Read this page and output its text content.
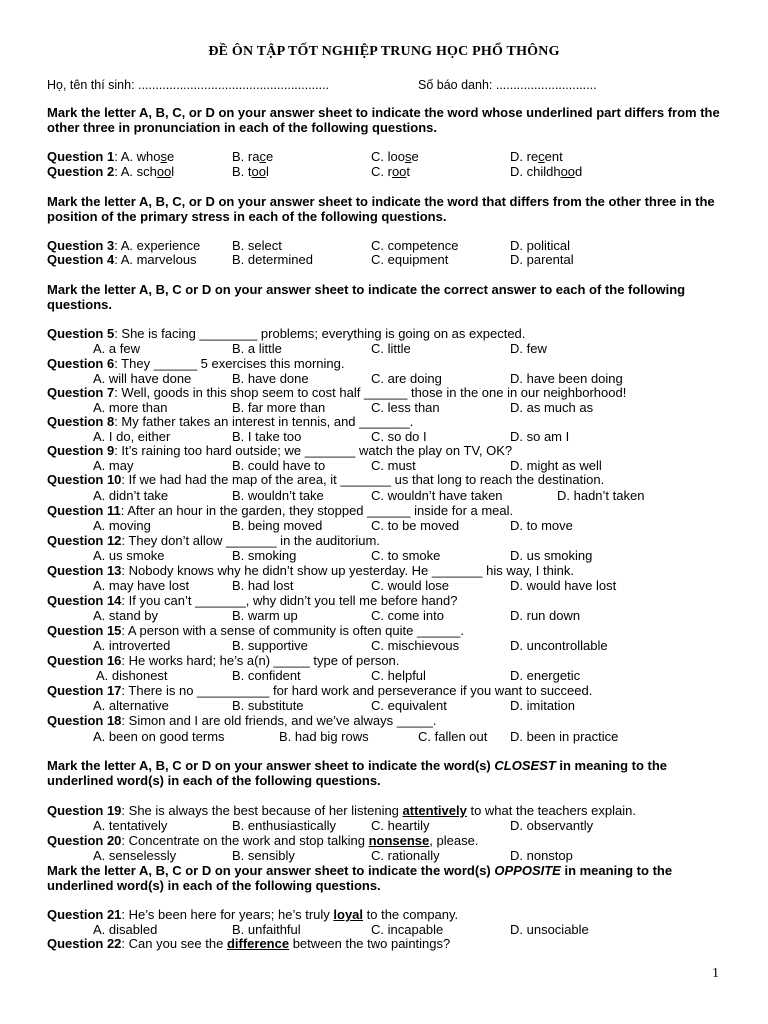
ĐỀ ÔN TẬP TỐT NGHIỆP TRUNG HỌC PHỔ THÔNG
Họ, tên thí sinh: .......................................................	Số báo danh: .............................
Mark the letter A, B, C, or D on your answer sheet to indicate the word whose underlined part differs from the other three in pronunciation in each of the following questions.
Question 1: A. whose	B. race	C. loose	D. recent
Question 2: A. school	B. tool	C. root	D. childhood
Mark the letter A, B, C, or D on your answer sheet to indicate the word that differs from the other three in the position of the primary stress in each of the following questions.
Question 3: A. experience B. select	C. competence	D. political
Question 4: A. marvelous	B. determined	C. equipment	D. parental
Mark the letter A, B, C or D on your answer sheet to indicate the correct answer to each of the following questions.
Question 5: She is facing ________ problems; everything is going on as expected.
A. a few	B. a little	C. little	D. few
Question 6: They ______ 5 exercises this morning.
A. will have done	B. have done	C. are doing	D. have been doing
Question 7: Well, goods in this shop seem to cost half ______ those in the one in our neighborhood!
A. more than	B. far more than	C. less than	D. as much as
Question 8: My father takes an interest in tennis, and _______.
A. I do, either	B. I take too	C. so do I	D. so am I
Question 9: It’s raining too hard outside; we _______ watch the play on TV, OK?
A. may	B. could have to	C. must	D. might as well
Question 10: If we had had the map of the area, it _______ us that long to reach the destination.
A. didn’t take	B. wouldn’t take	C. wouldn’t have taken	D. hadn’t taken
Question 11: After an hour in the garden, they stopped ______ inside for a meal.
A. moving	B. being moved	C. to be moved	D. to move
Question 12: They don’t allow _______ in the auditorium.
A. us smoke	B. smoking	C. to smoke	D. us smoking
Question 13: Nobody knows why he didn’t show up yesterday. He _______ his way, I think.
A. may have lost	B. had lost	C. would lose	D. would have lost
Question 14: If you can’t _______, why didn’t you tell me before hand?
A. stand by	B. warm up	C. come into	D. run down
Question 15: A person with a sense of community is often quite ______.
A. introverted	B. supportive	C. mischievous	D. uncontrollable
Question 16: He works hard; he’s a(n) _____ type of person.
A. dishonest	B. confident	C. helpful	D. energetic
Question 17: There is no __________ for hard work and perseverance if you want to succeed.
A. alternative	B. substitute	C. equivalent	D. imitation
Question 18: Simon and I are old friends, and we’ve always _____.
A. been on good terms	B. had big rows	C. fallen out D. been in practice
Mark the letter A, B, C or D on your answer sheet to indicate the word(s) CLOSEST in meaning to the underlined word(s) in each of the following questions.
Question 19: She is always the best because of her listening attentively to what the teachers explain.
A. tentatively	B. enthusiastically	C. heartily	D. observantly
Question 20: Concentrate on the work and stop talking nonsense, please.
A. senselessly	B. sensibly	C. rationally	D. nonstop
Mark the letter A, B, C or D on your answer sheet to indicate the word(s) OPPOSITE in meaning to the underlined word(s) in each of the following questions.
Question 21: He’s been here for years; he’s truly loyal to the company.
A. disabled	B. unfaithful	C. incapable	D. unsociable
Question 22: Can you see the difference between the two paintings?
1
